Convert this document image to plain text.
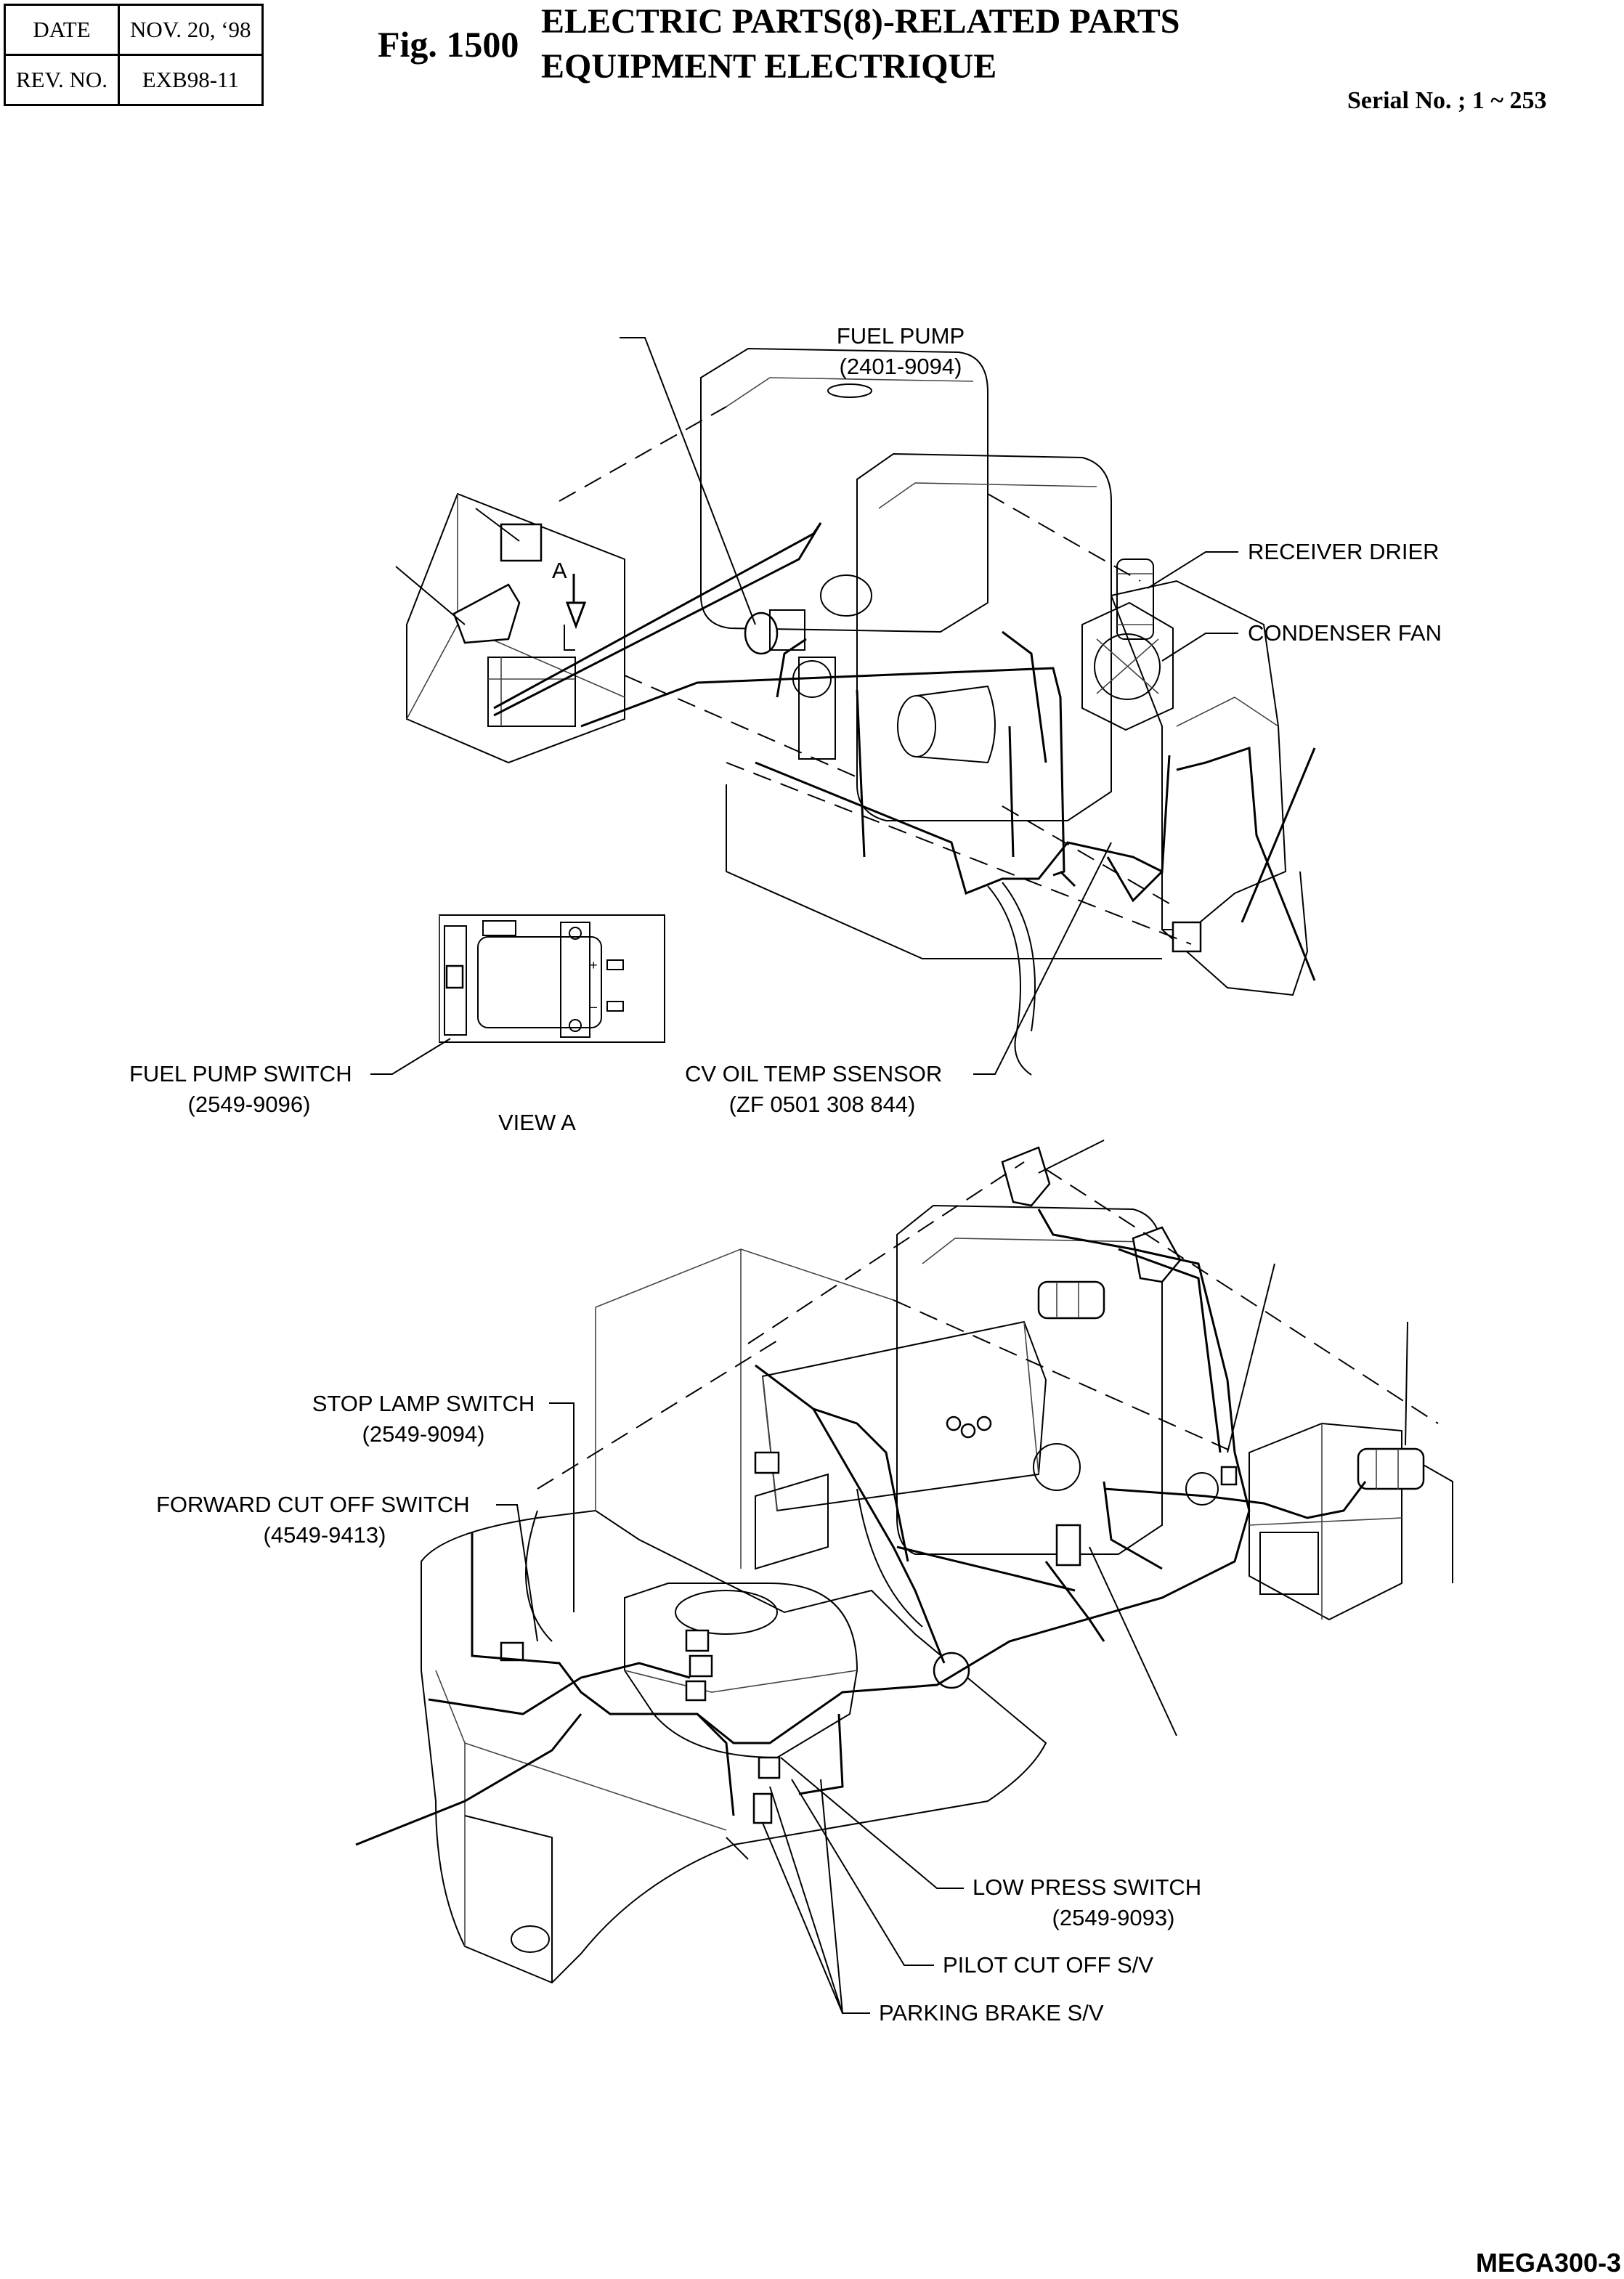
DATE	NOV. 20, ‘98
REV. NO.	EXB98-11
Fig. 1500
ELECTRIC PARTS(8)-RELATED PARTS
EQUIPMENT ELECTRIQUE
Serial No. ; 1 ~ 253
+
–
FUEL PUMP
(2401-9094)
RECEIVER DRIER
CONDENSER FAN
A
FUEL PUMP SWITCH
(2549-9096)
CV OIL TEMP SSENSOR
(ZF 0501 308 844)
VIEW A
STOP LAMP SWITCH
(2549-9094)
FORWARD CUT OFF SWITCH
(4549-9413)
LOW PRESS SWITCH
(2549-9093)
PILOT CUT OFF S/V
PARKING BRAKE S/V
MEGA300-3
